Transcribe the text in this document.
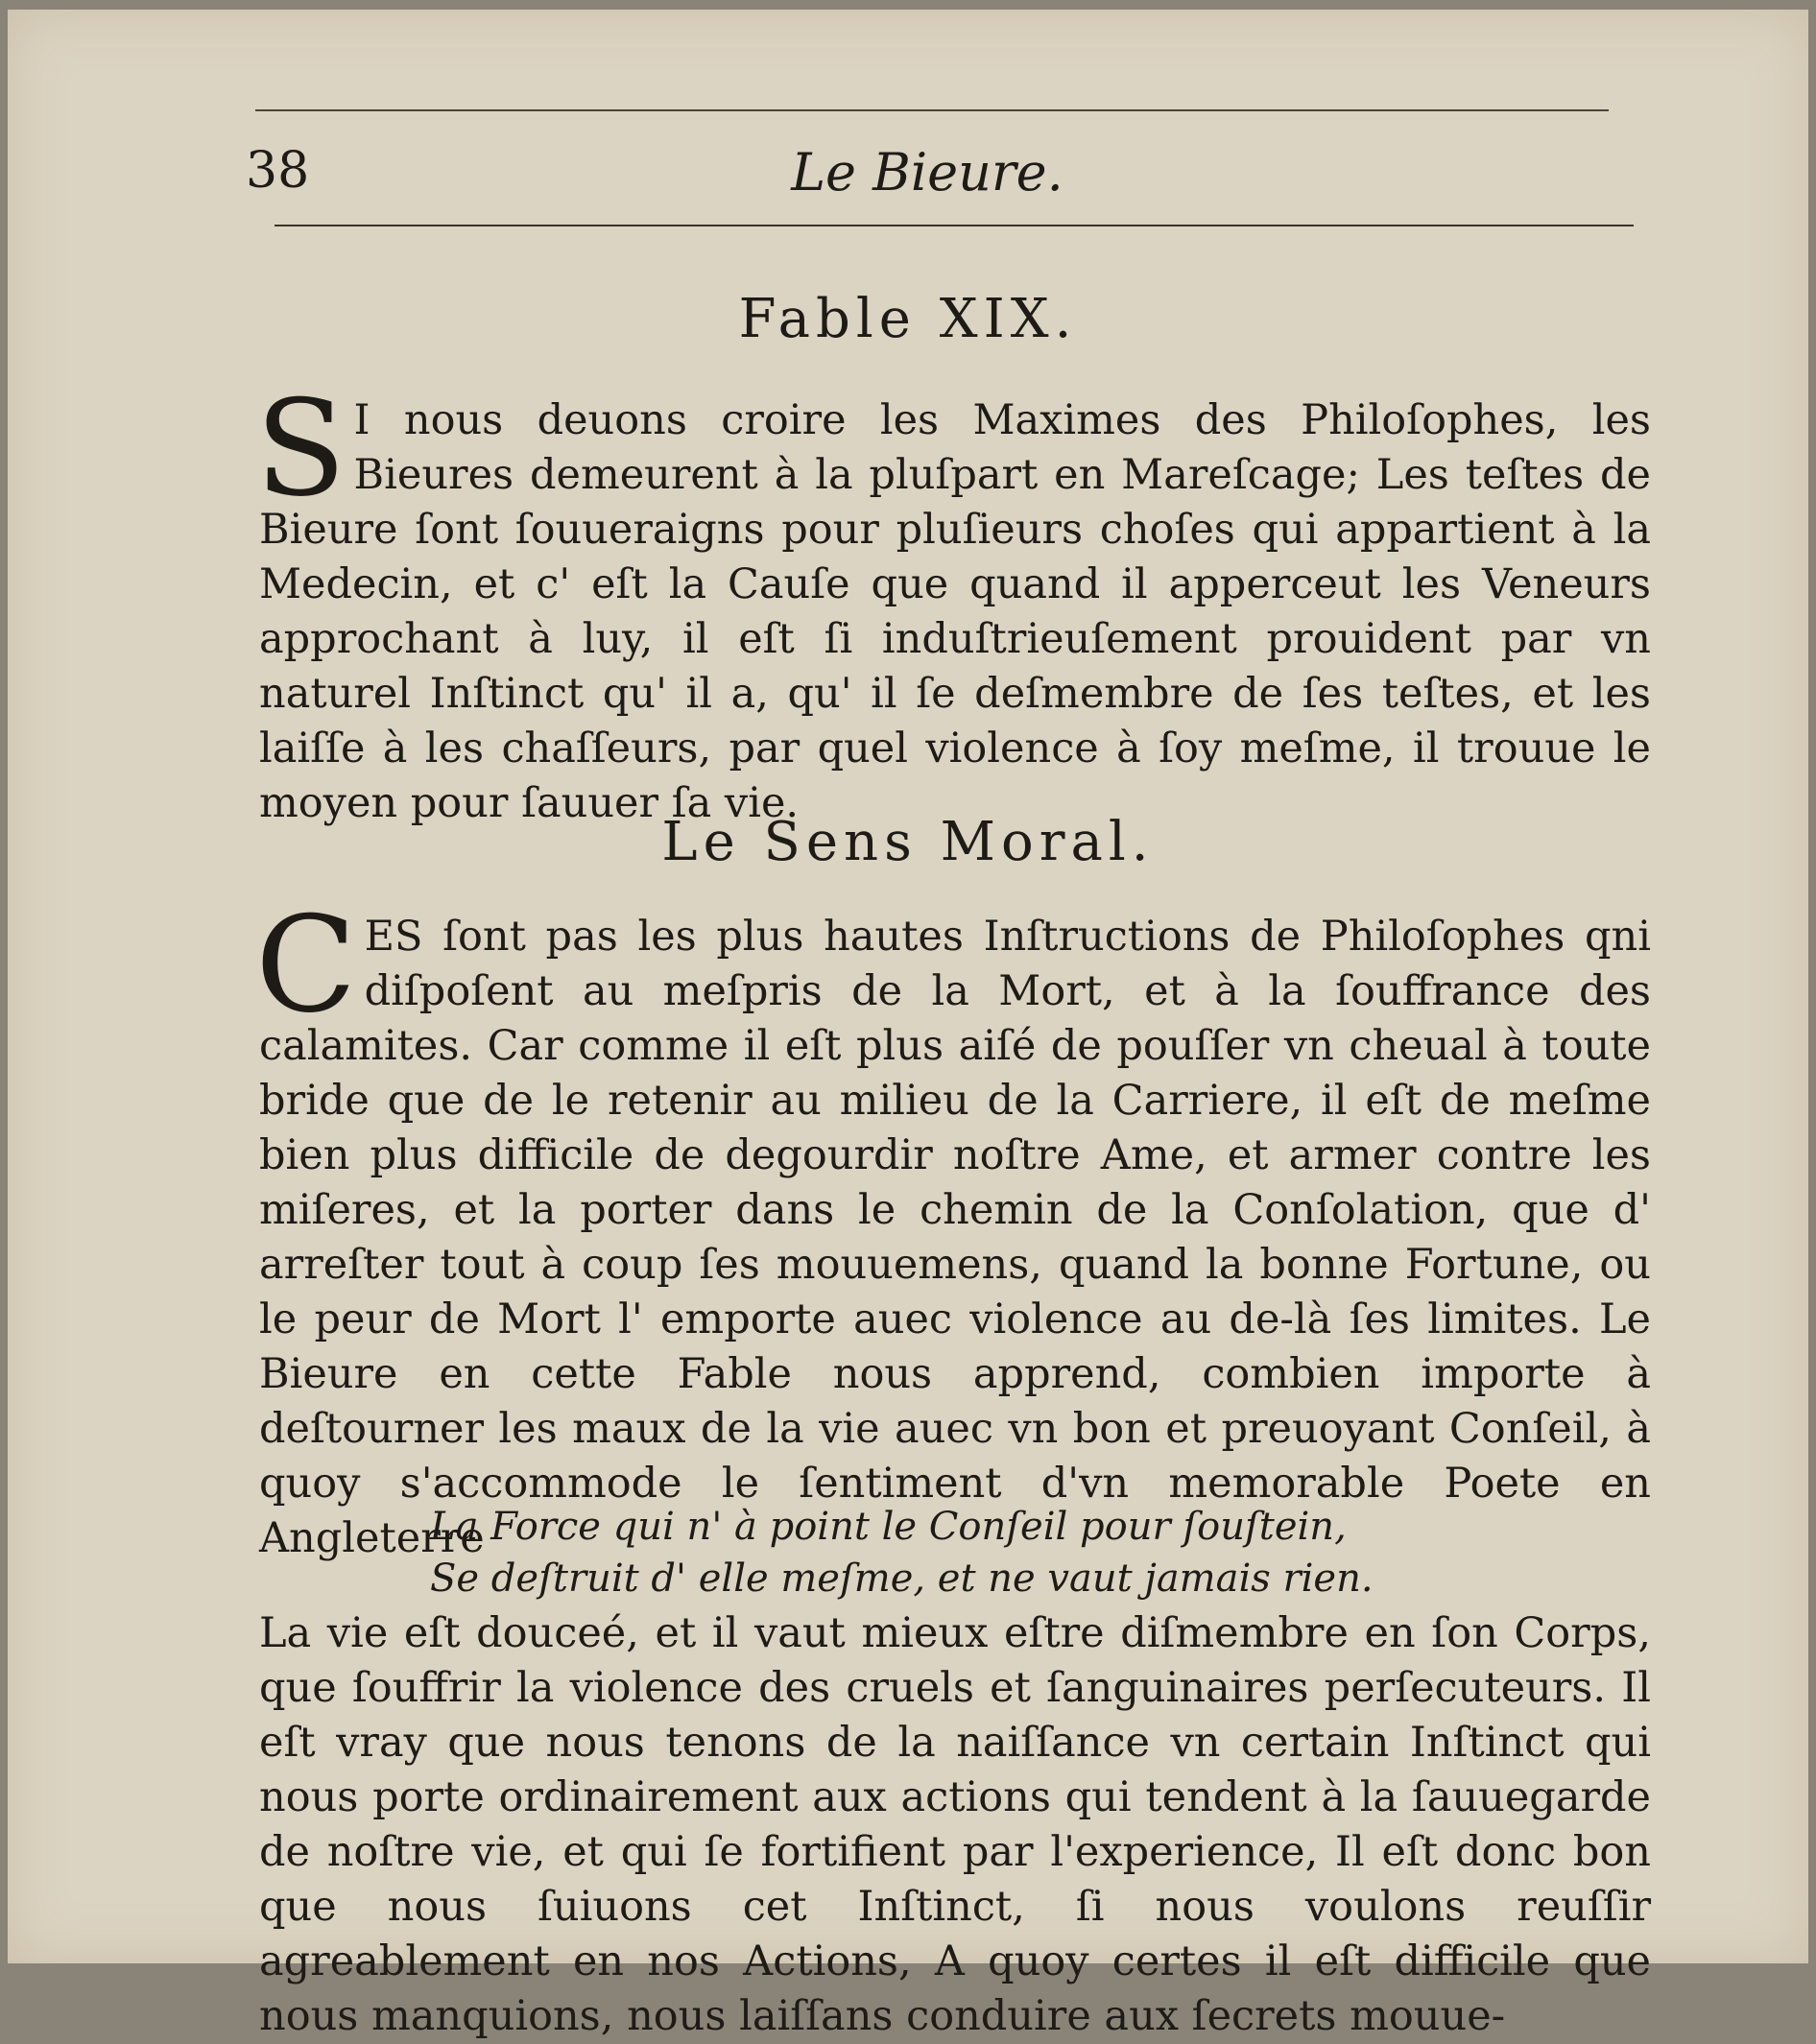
38	Le Bieure.
Fable XIX.

S I nous deuons croire les Maximes des Philoſophes, les Bieures demeurent à la pluſpart en Mareſcage; Les teſtes de Bieure ſont ſouueraigns pour pluſieurs choſes qui appartient à la Medecin, et c' eſt la Cauſe que quand il apperceut les Veneurs approchant à luy, il eſt ſi induſtrieuſement prouident par vn naturel Inſtinct qu' il a, qu' il ſe deſmembre de ſes teſtes, et les laiſſe à les chaſſeurs, par quel violence à ſoy meſme, il trouue le moyen pour ſauuer ſa vie.

Le Sens Moral.

CES ſont pas les plus hautes Inſtructions de Philoſophes qni diſpoſent au meſpris de la Mort, et à la ſouffrance des calamites. Car comme il eſt plus aiſé de pouſſer vn cheual à toute bride que de le retenir au milieu de la Carriere, il eſt de meſme bien plus difficile de degourdir noſtre Ame, et armer contre les miſeres, et la porter dans le chemin de la Conſolation, que d' arreſter tout à coup ſes mouuemens, quand la bonne Fortune, ou le peur de Mort l' emporte auec violence au de-là ſes limites. Le Bieure en cette Fable nous apprend, combien importe à deſtourner les maux de la vie auec vn bon et preuoyant Conſeil, à quoy s'accommode le ſentiment d'vn memorable Poete en Angleterre

La Force qui n' à point le Conſeil pour ſouſtein,
Se deſtruit d' elle meſme, et ne vaut jamais rien.

La vie eſt douceé, et il vaut mieux eſtre diſmembre en ſon Corps, que ſouffrir la violence des cruels et ſanguinaires perſecuteurs. Il eſt vray que nous tenons de la naiſſance vn certain Inſtinct qui nous porte ordinairement aux actions qui tendent à la ſauuegarde de noſtre vie, et qui ſe fortifient par l'experience, Il eſt donc bon que nous ſuiuons cet Inſtinct, ſi nous voulons reuſſir agreablement en nos Actions, A quoy certes il eſt difficile que nous manquions, nous laiſſans conduire aux ſecrets mouue-
